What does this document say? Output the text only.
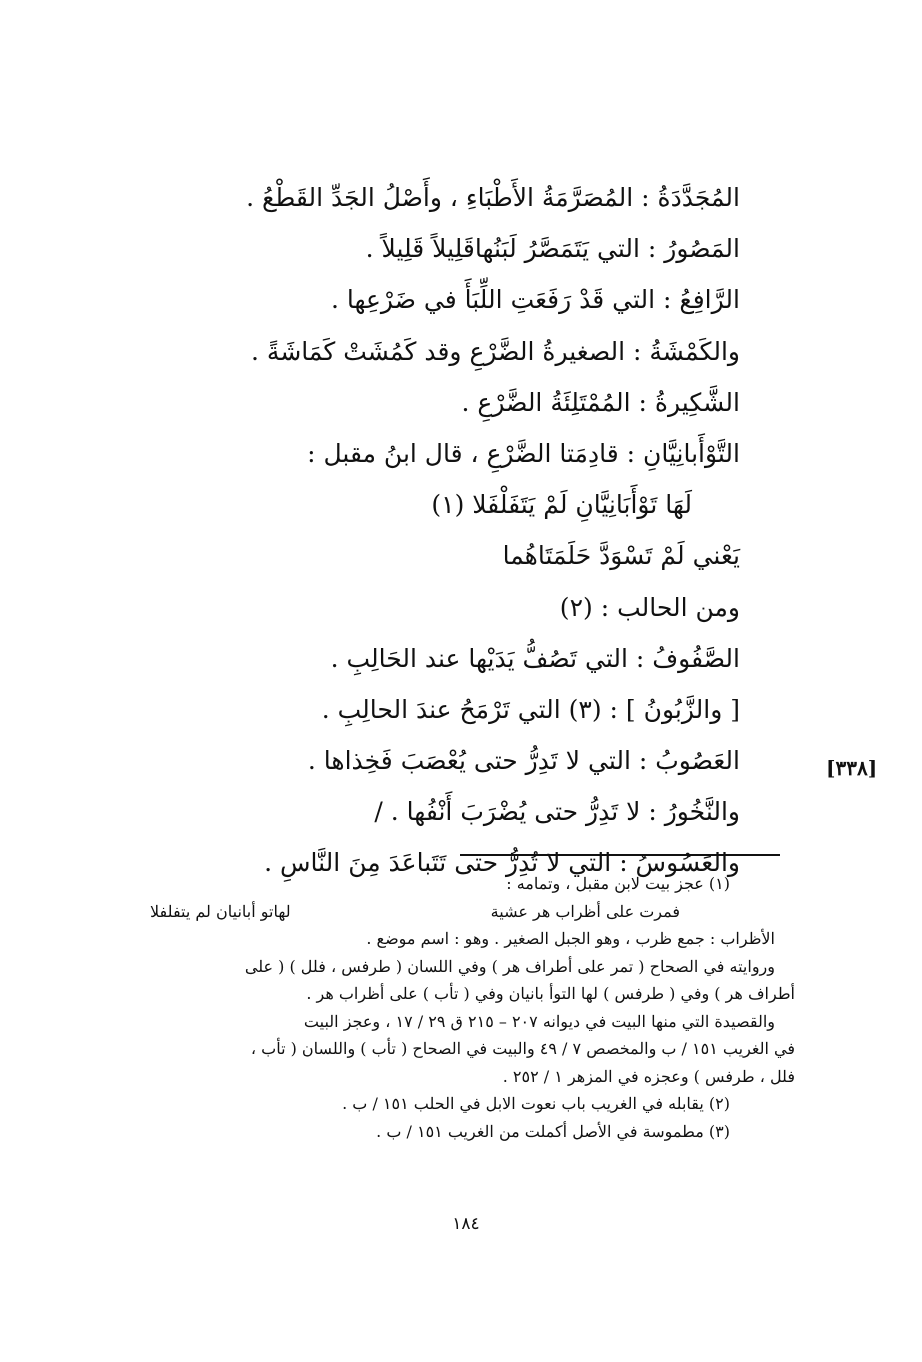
المُجَدَّدَةُ : المُصَرَّمَةُ الأَطْبَاءِ ، وأَصْلُ الجَدِّ القَطْعُ .
المَصُورُ : التي يَتَمَصَّرُ لَبَنُهاقَلِيلاً قَلِيلاً .
الرَّافِعُ : التي قَدْ رَفَعَتِ اللِّبَأَ في ضَرْعِها .
والكَمْشَةُ : الصغيرةُ الضَّرْعِ وقد كَمُشَتْ كَمَاشَةً .
الشَّكِيرةُ : المُمْتَلِئَةُ الضَّرْعِ .
التَّوْأَبانِيَّانِ : قادِمَتا الضَّرْعِ ، قال ابنُ مقبل :
لَهَا تَوْأَبَانِيَّانِ لَمْ يَتَفَلْفَلا (١)
يَعْني لَمْ تَسْوَدَّ حَلَمَتَاهُما
ومن الحالب : (٢)
الصَّفُوفُ : التي تَصُفُّ يَدَيْها عند الحَالِبِ .
[ والزَّبُونُ ] : (٣) التي تَرْمَحُ عندَ الحالِبِ .
العَصُوبُ : التي لا تَدِرُّ حتى يُعْصَبَ فَخِذاها .
والنَّخُورُ : لا تَدِرُّ حتى يُضْرَبَ أَنْفُها . /
والعَسُوسُ : التي لا تُدِرُّ حتى تَتَباعَدَ مِنَ النَّاسِ .
[٣٣٨]
(١) عجز بيت لابن مقبل ، وتمامه :
فمرت على أظراب هر عشية
لهاتو أبانيان لم يتفلفلا
الأظراب : جمع ظرب ، وهو الجبل الصغير . وهو : اسم موضع .
وروايته في الصحاح ( تمر على أطراف هر ) وفي اللسان ( طرفس ، فلل ) ( على
أطراف هر ) وفي ( طرفس ) لها التوأ بانيان وفي ( تأب ) على أظراب هر .
والقصيدة التي منها البيت في ديوانه ٢٠٧ – ٢١٥ ق ٢٩ / ١٧ ، وعجز البيت
في الغريب ١٥١ / ب والمخصص ٧ / ٤٩ والبيت في الصحاح ( تأب ) واللسان ( تأب ،
فلل ، طرفس ) وعجزه في المزهر ١ / ٢٥٢ .
(٢) يقابله في الغريب باب نعوت الابل في الحلب ١٥١ / ب .
(٣) مطموسة في الأصل أكملت من الغريب ١٥١ / ب .
١٨٤
